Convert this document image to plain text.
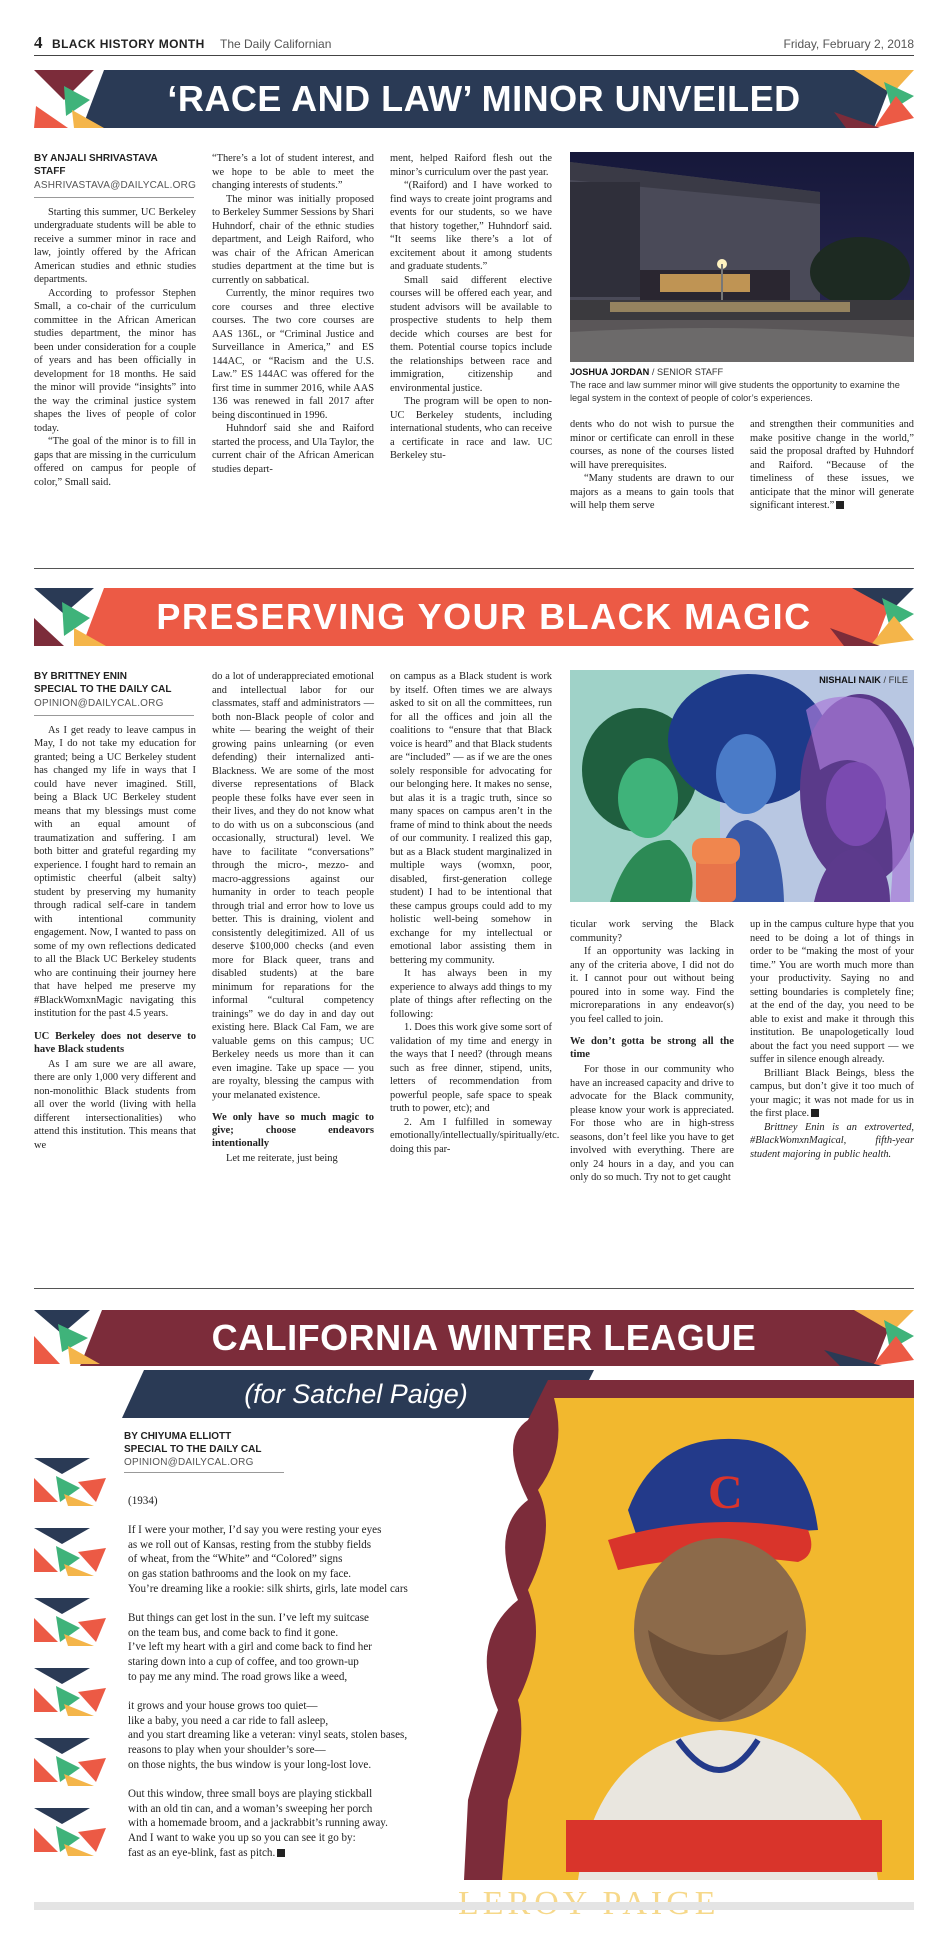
4 BLACK HISTORY MONTH The Daily Californian	Friday, February 2, 2018
‘RACE AND LAW’ MINOR UNVEILED
BY ANJALI SHRIVASTAVA
STAFF
ASHRIVASTAVA@DAILYCAL.ORG

Starting this summer, UC Berkeley undergraduate students will be able to receive a summer minor in race and law, jointly offered by the African American studies and ethnic studies departments.

According to professor Stephen Small, a co-chair of the curriculum committee in the African American studies department, the minor has been under consideration for a couple of years and has been officially in development for 18 months. He said the minor will provide “insights” into the way the criminal justice system shapes the lives of people of color today.

“The goal of the minor is to fill in gaps that are missing in the curriculum offered on campus for people of color,” Small said.

“There’s a lot of student interest, and we hope to be able to meet the changing interests of students.”

The minor was initially proposed to Berkeley Summer Sessions by Shari Huhndorf, chair of the ethnic studies department, and Leigh Raiford, who was chair of the African American studies department at the time but is currently on sabbatical.

Currently, the minor requires two core courses and three elective courses. The two core courses are AAS 136L, or “Criminal Justice and Surveillance in America,” and ES 144AC, or “Racism and the U.S. Law.” ES 144AC was offered for the first time in summer 2016, while AAS 136 was renewed in fall 2017 after being discontinued in 1996.

Huhndorf said she and Raiford started the process, and Ula Taylor, the current chair of the African American studies depart-

ment, helped Raiford flesh out the minor’s curriculum over the past year.

“(Raiford) and I have worked to find ways to create joint programs and events for our students, so we have that history together,” Huhndorf said. “It seems like there’s a lot of excitement about it among students and graduate students.”

Small said different elective courses will be offered each year, and student advisors will be available to prospective students to help them decide which courses are best for them. Potential course topics include the relationships between race and immigration, citizenship and environmental justice.

The program will be open to non-UC Berkeley students, including international students, who can receive a certificate in race and law. UC Berkeley stu-

JOSHUA JORDAN / SENIOR STAFF
The race and law summer minor will give students the opportunity to examine the legal system in the context of people of color’s experiences.

dents who do not wish to pursue the minor or certificate can enroll in these courses, as none of the courses listed will have prerequisites.

“Many students are drawn to our majors as a means to gain tools that will help them serve

and strengthen their communities and make positive change in the world,” said the proposal drafted by Huhndorf and Raiford. “Because of the timeliness of these issues, we anticipate that the minor will generate significant interest.”

PRESERVING YOUR BLACK MAGIC
BY BRITTNEY ENIN
SPECIAL TO THE DAILY CAL
OPINION@DAILYCAL.ORG

As I get ready to leave campus in May, I do not take my education for granted; being a UC Berkeley student has changed my life in ways that I could have never imagined. Still, being a Black UC Berkeley student means that my blessings must come with an equal amount of traumatization and suffering. I am both bitter and grateful regarding my experience. I fought hard to remain an optimistic cheerful (albeit salty) student by preserving my humanity through radical self-care in tandem with intentional community engagement. Now, I wanted to pass on some of my own reflections dedicated to all the Black UC Berkeley students who are continuing their journey here that have helped me preserve my #BlackWomxnMagic navigating this institution for the past 4.5 years.

UC Berkeley does not deserve to have Black students

As I am sure we are all aware, there are only 1,000 very different and non-monolithic Black students from all over the world (living with hella different intersectionalities) who attend this institution. This means that we

do a lot of underappreciated emotional and intellectual labor for our classmates, staff and administrators — both non-Black people of color and white — bearing the weight of their growing pains unlearning (or even defending) their internalized anti-Blackness. We are some of the most diverse representations of Black people these folks have ever seen in their lives, and they do not know what to do with us on a subconscious (and occasionally, structural) level. We have to facilitate “conversations” through the micro-, mezzo- and macro-aggressions against our humanity in order to teach people through trial and error how to love us better. This is draining, violent and consistently delegitimized. All of us deserve $100,000 checks (and even more for Black queer, trans and disabled students) at the bare minimum for reparations for the informal “cultural competency trainings” we do day in and day out existing here. Black Cal Fam, we are valuable gems on this campus; UC Berkeley needs us more than it can even imagine. Take up space — you are royalty, blessing the campus with your melanated existence.

We only have so much magic to give; choose endeavors intentionally

Let me reiterate, just being

on campus as a Black student is work by itself. Often times we are always asked to sit on all the committees, run for all the offices and join all the coalitions to “ensure that that Black voice is heard” and that Black students are “included” — as if we are the ones solely responsible for advocating for our belonging here. It makes no sense, but alas it is a tragic truth, since so many spaces on campus aren’t in the frame of mind to think about the needs of our community. I realized this gap, but as a Black student marginalized in multiple ways (womxn, poor, disabled, first-generation college student) I had to be intentional that these campus groups could add to my holistic well-being somehow in exchange for my intellectual or emotional labor assisting them in bettering my community.

It has always been in my experience to always add things to my plate of things after reflecting on the following:

1. Does this work give some sort of validation of my time and energy in the ways that I need? (through means such as free dinner, stipend, units, letters of recommendation from powerful people, safe space to speak truth to power, etc); and

2. Am I fulfilled in someway emotionally/intellectually/spiritually/etc. doing this par-

NISHALI NAIK / FILE

ticular work serving the Black community?

If an opportunity was lacking in any of the criteria above, I did not do it. I cannot pour out without being poured into in some way. Find the microreparations in any endeavor(s) you feel called to join.

We don’t gotta be strong all the time

For those in our community who have an increased capacity and drive to advocate for the Black community, please know your work is appreciated. For those who are in high-stress seasons, don’t feel like you have to get involved with everything. There are only 24 hours in a day, and you can only do so much. Try not to get caught

up in the campus culture hype that you need to be doing a lot of things in order to be “making the most of your time.” You are worth much more than your productivity. Saying no and setting boundaries is completely fine; at the end of the day, you need to be able to exist and make it through this institution. Be unapologetically loud about the fact you need support — we suffer in silence enough already.

Brilliant Black Beings, bless the campus, but don’t give it too much of your magic; it was not made for us in the first place.

Brittney Enin is an extroverted, #BlackWomxnMagical, fifth-year student majoring in public health.

CALIFORNIA WINTER LEAGUE
(for Satchel Paige)
BY CHIYUMA ELLIOTT
SPECIAL TO THE DAILY CAL
OPINION@DAILYCAL.ORG
(1934)
If I were your mother, I’d say you were resting your eyes
as we roll out of Kansas, resting from the stubby fields
of wheat, from the “White” and “Colored” signs
on gas station bathrooms and the look on my face.
You’re dreaming like a rookie: silk shirts, girls, late model cars
But things can get lost in the sun. I’ve left my suitcase
on the team bus, and come back to find it gone.
I’ve left my heart with a girl and come back to find her
staring down into a cup of coffee, and too grown-up
to pay me any mind. The road grows like a weed,
it grows and your house grows too quiet—
like a baby, you need a car ride to fall asleep,
and you start dreaming like a veteran: vinyl seats, stolen bases,
reasons to play when your shoulder’s sore—
on those nights, the bus window is your long-lost love.
Out this window, three small boys are playing stickball
with an old tin can, and a woman’s sweeping her porch
with a homemade broom, and a jackrabbit’s running away.
And I want to wake you up so you can see it go by:
fast as an eye-blink, fast as pitch.
C
